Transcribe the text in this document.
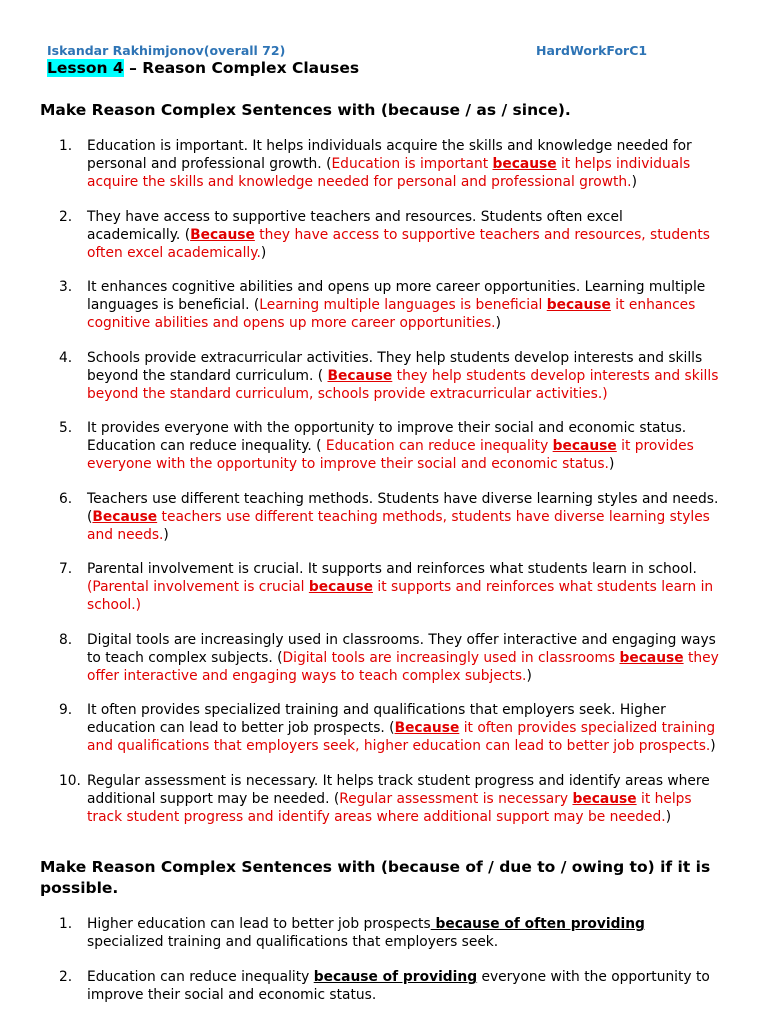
Iskandar Rakhimjonov(overall 72)	HardWorkForC1
Lesson 4 – Reason Complex Clauses
Make Reason Complex Sentences with (because / as / since).
1.	Education is important. It helps individuals acquire the skills and knowledge needed for personal and professional growth. (Education is important because it helps individuals acquire the skills and knowledge needed for personal and professional growth.)
2.	They have access to supportive teachers and resources. Students often excel academically. (Because they have access to supportive teachers and resources, students often excel academically.)
3.	It enhances cognitive abilities and opens up more career opportunities. Learning multiple languages is beneficial. (Learning multiple languages is beneficial because it enhances cognitive abilities and opens up more career opportunities.)
4.	Schools provide extracurricular activities. They help students develop interests and skills beyond the standard curriculum. ( Because they help students develop interests and skills beyond the standard curriculum, schools provide extracurricular activities.)
5.	It provides everyone with the opportunity to improve their social and economic status. Education can reduce inequality. ( Education can reduce inequality because it provides everyone with the opportunity to improve their social and economic status.)
6.	Teachers use different teaching methods. Students have diverse learning styles and needs. (Because teachers use different teaching methods, students have diverse learning styles and needs.)
7.	Parental involvement is crucial. It supports and reinforces what students learn in school. (Parental involvement is crucial because it supports and reinforces what students learn in school.)
8.	Digital tools are increasingly used in classrooms. They offer interactive and engaging ways to teach complex subjects. (Digital tools are increasingly used in classrooms because they offer interactive and engaging ways to teach complex subjects.)
9.	It often provides specialized training and qualifications that employers seek. Higher education can lead to better job prospects. (Because it often provides specialized training and qualifications that employers seek, higher education can lead to better job prospects.)
10. Regular assessment is necessary. It helps track student progress and identify areas where additional support may be needed. (Regular assessment is necessary because it helps track student progress and identify areas where additional support may be needed.)
Make Reason Complex Sentences with (because of / due to / owing to) if it is possible.
1.	Higher education can lead to better job prospects because of often providing specialized training and qualifications that employers seek.
2.	Education can reduce inequality because of providing everyone with the opportunity to improve their social and economic status.
